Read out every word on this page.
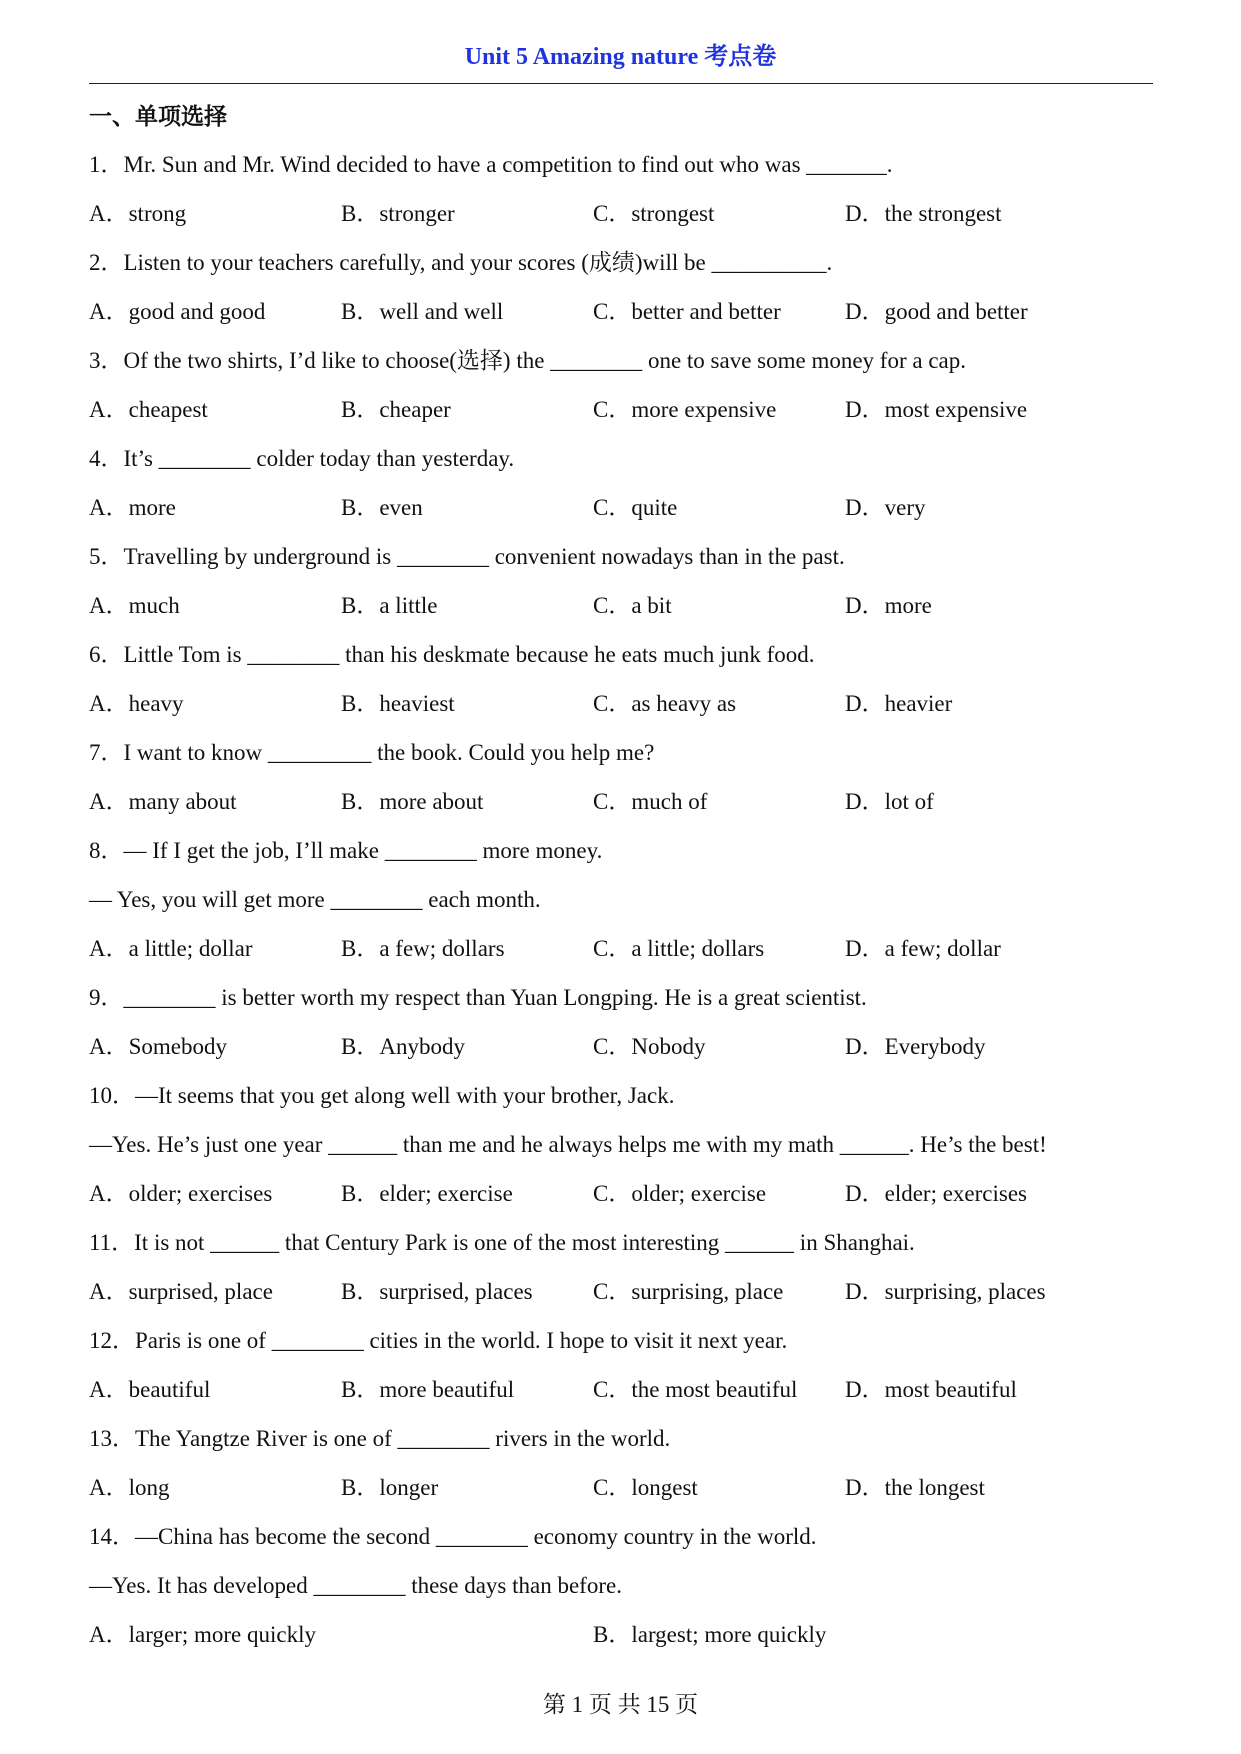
Unit 5 Amazing nature 考点卷
一、单项选择
1．Mr. Sun and Mr. Wind decided to have a competition to find out who was _______.
A．strong	B．stronger	C．strongest	D．the strongest
2．Listen to your teachers carefully, and your scores (成绩)will be __________.
A．good and good	B．well and well	C．better and better	D．good and better
3．Of the two shirts, I’d like to choose(选择) the ________ one to save some money for a cap.
A．cheapest	B．cheaper	C．more expensive	D．most expensive
4．It’s ________ colder today than yesterday.
A．more	B．even	C．quite	D．very
5．Travelling by underground is ________ convenient nowadays than in the past.
A．much	B．a little	C．a bit	D．more
6．Little Tom is ________ than his deskmate because he eats much junk food.
A．heavy	B．heaviest	C．as heavy as	D．heavier
7．I want to know _________ the book. Could you help me?
A．many about	B．more about	C．much of	D．lot of
8．— If I get the job, I’ll make ________ more money.
— Yes, you will get more ________ each month.
A．a little; dollar	B．a few; dollars	C．a little; dollars	D．a few; dollar
9．________ is better worth my respect than Yuan Longping. He is a great scientist.
A．Somebody	B．Anybody	C．Nobody	D．Everybody
10．—It seems that you get along well with your brother, Jack.
—Yes. He’s just one year ______ than me and he always helps me with my math ______. He’s the best!
A．older; exercises	B．elder; exercise	C．older; exercise	D．elder; exercises
11．It is not ______ that Century Park is one of the most interesting ______ in Shanghai.
A．surprised, place	B．surprised, places	C．surprising, place	D．surprising, places
12．Paris is one of ________ cities in the world. I hope to visit it next year.
A．beautiful	B．more beautiful	C．the most beautiful	D．most beautiful
13．The Yangtze River is one of ________ rivers in the world.
A．long	B．longer	C．longest	D．the longest
14．—China has become the second ________ economy country in the world.
—Yes. It has developed ________ these days than before.
A．larger; more quickly	B．largest; more quickly
第 1 页 共 15 页
